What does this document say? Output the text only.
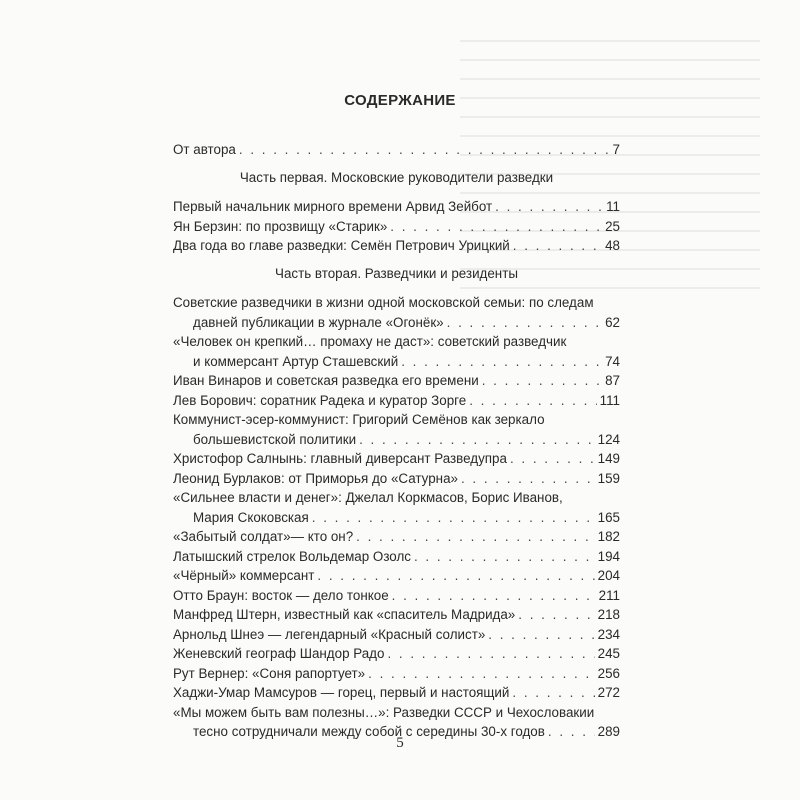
СОДЕРЖАНИЕ
От автора . . .	7
Часть первая. Московские руководители разведки
Первый начальник мирного времени Арвид Зейбот . . .	11
Ян Берзин: по прозвищу «Старик» . . .	25
Два года во главе разведки: Семён Петрович Урицкий . . .	48
Часть вторая. Разведчики и резиденты
Советские разведчики в жизни одной московской семьи: по следам
давней публикации в журнале «Огонёк» . . .	62
«Человек он крепкий… промаху не даст»: советский разведчик
и коммерсант Артур Сташевский . . .	74
Иван Винаров и советская разведка его времени . . .	87
Лев Борович: соратник Радека и куратор Зорге . . .	111
Коммунист-эсер-коммунист: Григорий Семёнов как зеркало
большевистской политики . . .	124
Христофор Салнынь: главный диверсант Разведупра . . .	149
Леонид Бурлаков: от Приморья до «Сатурна» . . .	159
«Сильнее власти и денег»: Джелал Коркмасов, Борис Иванов,
Мария Скоковская . . .	165
«Забытый солдат»— кто он? . . .	182
Латышский стрелок Вольдемар Озолс . . .	194
«Чёрный» коммерсант . . .	204
Отто Браун: восток — дело тонкое . . .	211
Манфред Штерн, известный как «спаситель Мадрида» . . .	218
Арнольд Шнеэ — легендарный «Красный солист» . . .	234
Женевский географ Шандор Радо . . .	245
Рут Вернер: «Соня рапортует» . . .	256
Хаджи-Умар Мамсуров — горец, первый и настоящий . . .	272
«Мы можем быть вам полезны…»: Разведки СССР и Чехословакии
тесно сотрудничали между собой с середины 30-х годов . . .	289
5
